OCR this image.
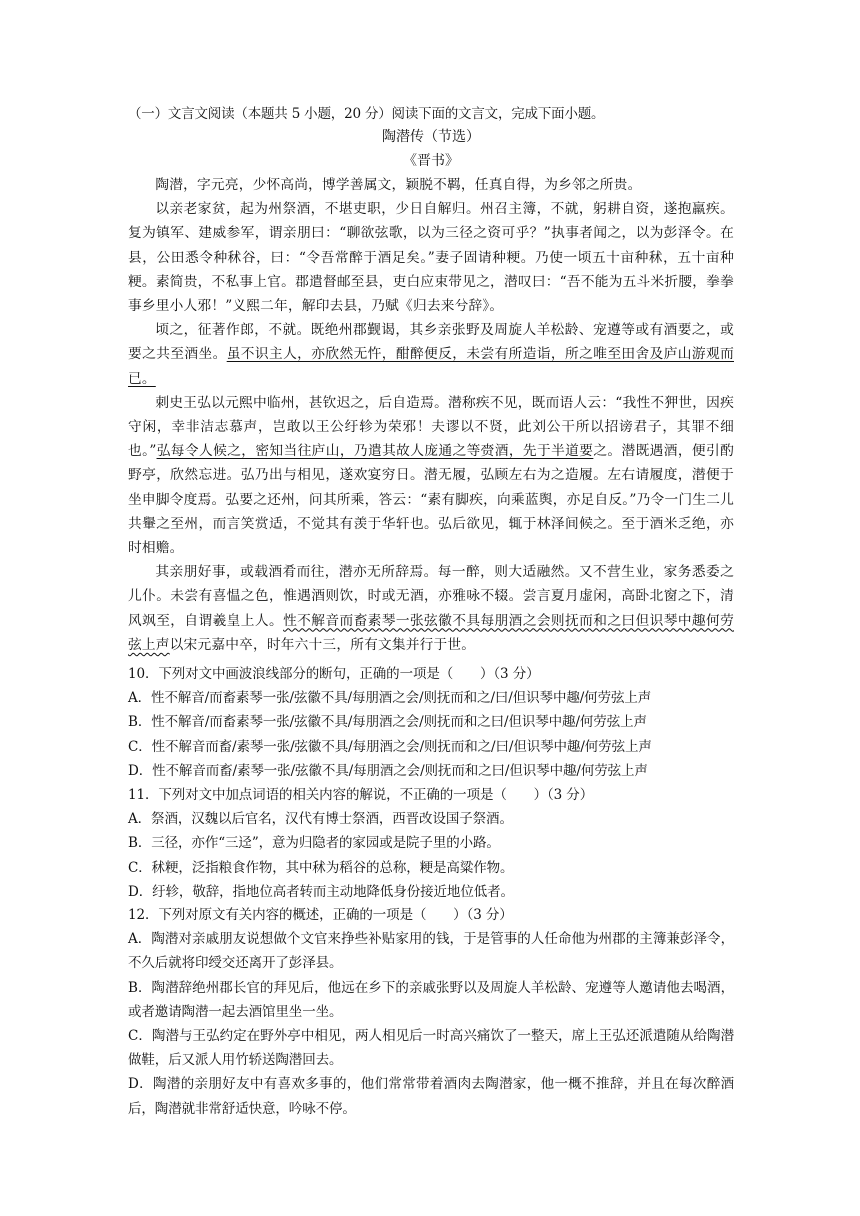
（一）文言文阅读（本题共 5 小题，20 分）阅读下面的文言文，完成下面小题。
陶潜传（节选）
《晋书》

陶潜，字元亮，少怀高尚，博学善属文，颖脱不羁，任真自得，为乡邻之所贵。

以亲老家贫，起为州祭酒，不堪吏职，少日自解归。州召主簿，不就，躬耕自资，遂抱羸疾。复为镇军、建威参军，谓亲朋曰：“聊欲弦歌，以为三径之资可乎？”执事者闻之，以为彭泽令。在县，公田悉令种秫谷，曰：“令吾常醉于酒足矣。”妻子固请种粳。乃使一顷五十亩种秫，五十亩种粳。素简贵，不私事上官。郡遣督邮至县，吏白应束带见之，潜叹曰：“吾不能为五斗米折腰，拳拳事乡里小人邪！”义熙二年，解印去县，乃赋《归去来兮辞》。

顷之，征著作郎，不就。既绝州郡觐谒，其乡亲张野及周旋人羊松龄、宠遵等或有酒要之，或要之共至酒坐。虽不识主人，亦欣然无忤，酣醉便反，未尝有所造诣，所之唯至田舍及庐山游观而已。

刺史王弘以元熙中临州，甚钦迟之，后自造焉。潜称疾不见，既而语人云：“我性不狎世，因疾守闲，幸非洁志慕声，岂敢以王公纡轸为荣邪！夫谬以不贤，此刘公干所以招谤君子，其罪不细也。”弘每令人候之，密知当往庐山，乃遣其故人庞通之等赍酒，先于半道要之。潜既遇酒，便引酌野亭，欣然忘进。弘乃出与相见，遂欢宴穷日。潜无履，弘顾左右为之造履。左右请履度，潜便于坐申脚令度焉。弘要之还州，问其所乘，答云：“素有脚疾，向乘蓝舆，亦足自反。”乃令一门生二儿共轝之至州，而言笑赏适，不觉其有羡于华轩也。弘后欲见，辄于林泽间候之。至于酒米乏绝，亦时相赡。

其亲朋好事，或载酒肴而往，潜亦无所辞焉。每一醉，则大适融然。又不营生业，家务悉委之儿仆。未尝有喜愠之色，惟遇酒则饮，时或无酒，亦雅咏不辍。尝言夏月虚闲，高卧北窗之下，清风飒至，自谓羲皇上人。性不解音而畜素琴一张弦徽不具每朋酒之会则抚而和之曰但识琴中趣何劳弦上声以宋元嘉中卒，时年六十三，所有文集并行于世。

10．下列对文中画波浪线部分的断句，正确的一项是（　　）（3 分）
A．性不解音/而畜素琴一张/弦徽不具/每朋酒之会/则抚而和之/曰/但识琴中趣/何劳弦上声
B．性不解音/而畜素琴一张/弦徽不具/每朋酒之会/则抚而和之曰/但识琴中趣/何劳弦上声
C．性不解音而畜/素琴一张/弦徽不具/每朋酒之会/则抚而和之/曰/但识琴中趣/何劳弦上声
D．性不解音而畜/素琴一张/弦徽不具/每朋酒之会/则抚而和之曰/但识琴中趣/何劳弦上声
11．下列对文中加点词语的相关内容的解说，不正确的一项是（　　）（3 分）
A．祭酒，汉魏以后官名，汉代有博士祭酒，西晋改设国子祭酒。
B．三径，亦作“三迳”，意为归隐者的家园或是院子里的小路。
C．秫粳，泛指粮食作物，其中秫为稻谷的总称，粳是高粱作物。
D．纡轸，敬辞，指地位高者转而主动地降低身份接近地位低者。
12．下列对原文有关内容的概述，正确的一项是（　　）（3 分）
A．陶潜对亲戚朋友说想做个文官来挣些补贴家用的钱，于是管事的人任命他为州郡的主簿兼彭泽令，不久后就将印绶交还离开了彭泽县。
B．陶潜辞绝州郡长官的拜见后，他远在乡下的亲戚张野以及周旋人羊松龄、宠遵等人邀请他去喝酒，或者邀请陶潜一起去酒馆里坐一坐。
C．陶潜与王弘约定在野外亭中相见，两人相见后一时高兴痛饮了一整天，席上王弘还派遣随从给陶潜做鞋，后又派人用竹轿送陶潜回去。
D．陶潜的亲朋好友中有喜欢多事的，他们常常带着酒肉去陶潜家，他一概不推辞，并且在每次醉酒后，陶潜就非常舒适快意，吟咏不停。
